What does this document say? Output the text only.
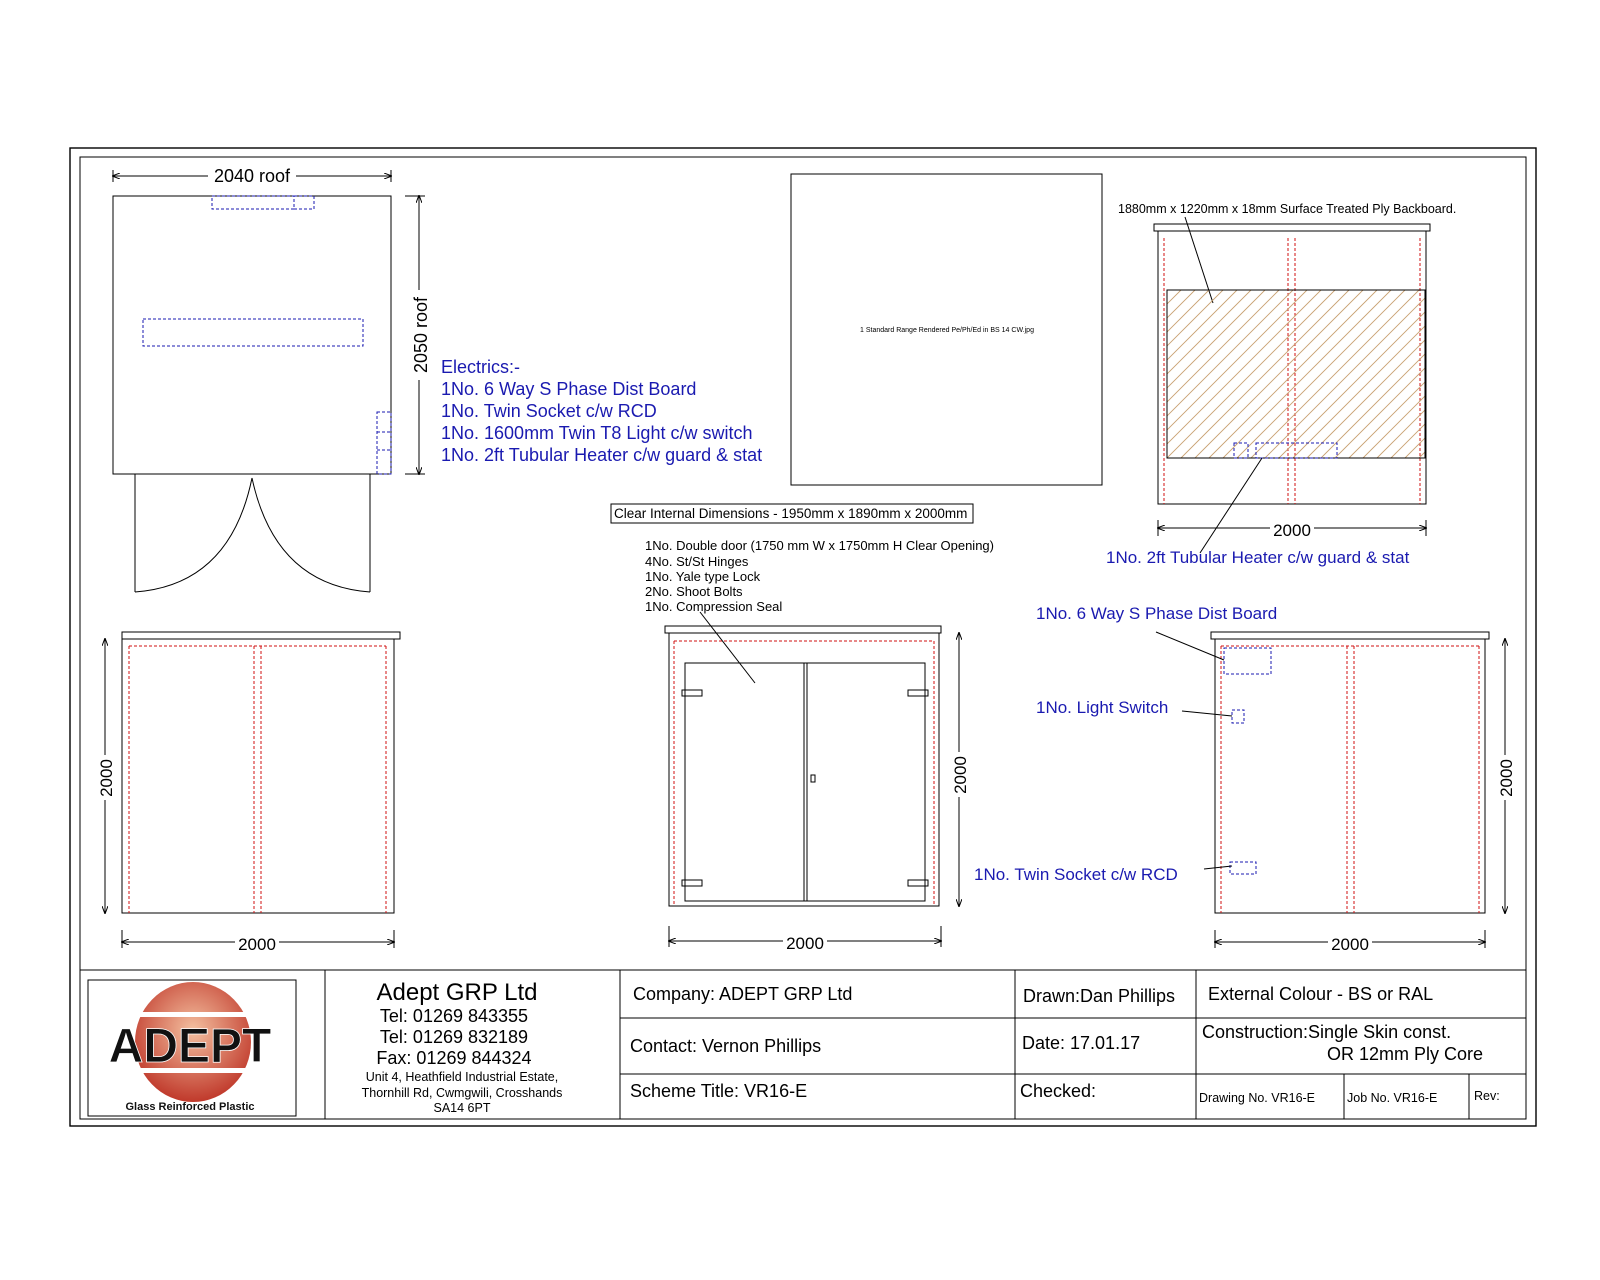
2040 roof
2050 roof Electrics:-
1No. 6 Way S Phase Dist Board
1No. Twin Socket c/w RCD
1No. 1600mm Twin T8 Light c/w switch
1No. 2ft Tubular Heater c/w guard & stat
1 Standard Range Rendered Pe/Ph/Ed in BS 14 CW.jpg
Clear Internal Dimensions - 1950mm x 1890mm x 2000mm
1No. Double door (1750 mm W x 1750mm H Clear Opening)
4No. St/St Hinges
1No. Yale type Lock
2No. Shoot Bolts
1No. Compression Seal
1880mm x 1220mm x 18mm Surface Treated Ply Backboard.
2000
1No. 2ft Tubular Heater c/w guard & stat
2000
2000
2000
2000
1No. 6 Way S Phase Dist Board
1No. Light Switch
1No. Twin Socket c/w RCD
2000
2000
ADEPT
Glass Reinforced Plastic
Adept GRP Ltd
Tel: 01269 843355
Tel: 01269 832189
Fax: 01269 844324
Unit 4, Heathfield Industrial Estate,
Thornhill Rd, Cwmgwili, Crosshands
SA14 6PT
Company: ADEPT GRP Ltd
Contact: Vernon Phillips
Scheme Title: VR16-E
Drawn:Dan Phillips
Date: 17.01.17
Checked:
External Colour - BS or RAL
Construction:Single Skin const.
OR 12mm Ply Core
Drawing No. VR16-E	Job No. VR16-E	Rev:
